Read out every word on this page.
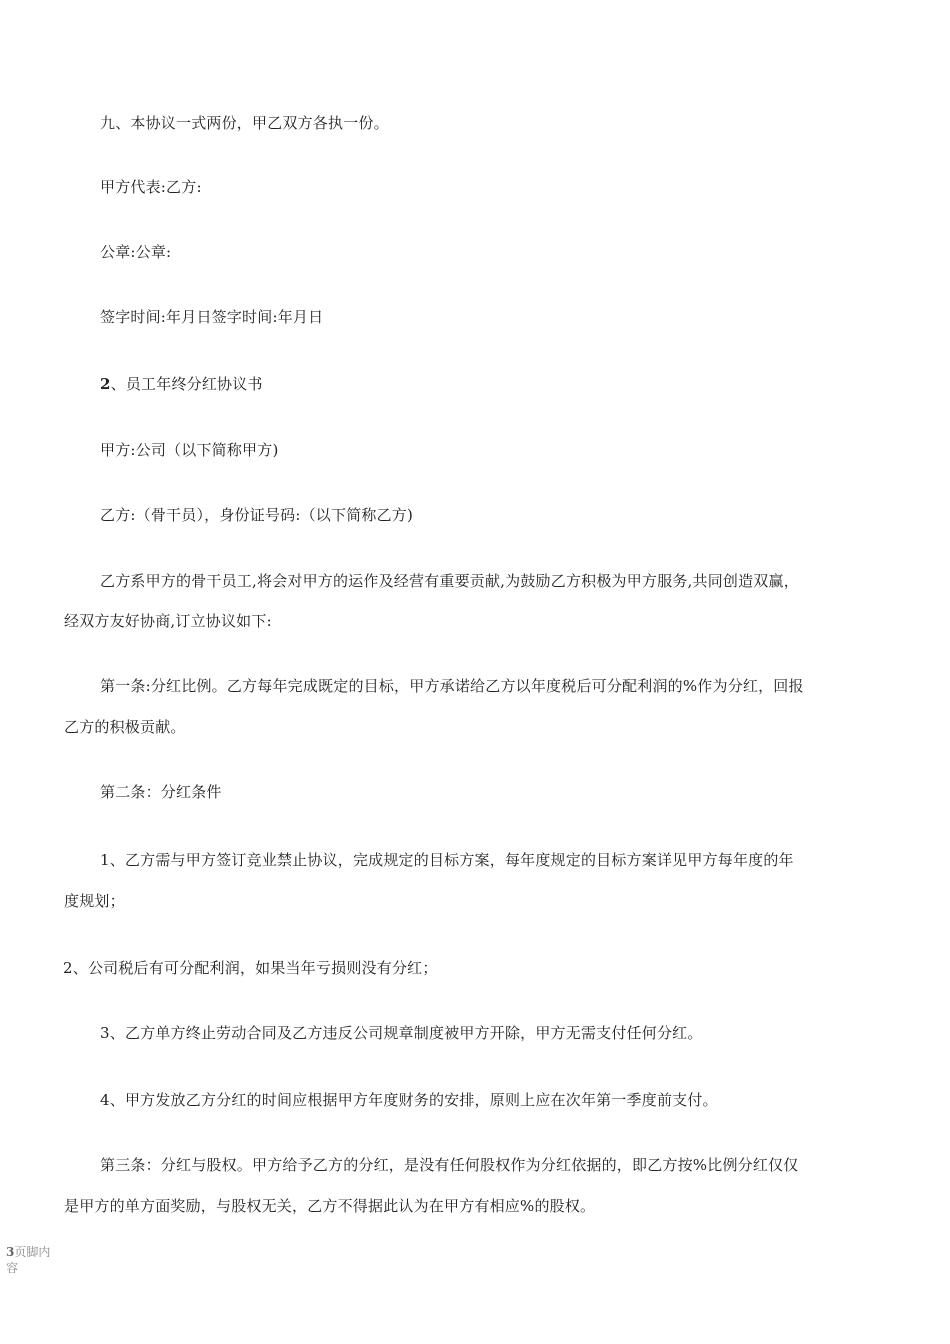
九、本协议一式两份，甲乙双方各执一份。
甲方代表:乙方:
公章:公章:
签字时间:年月日签字时间:年月日
2、员工年终分红协议书
甲方:公司（以下简称甲方)
乙方:（骨干员），身份证号码:（以下简称乙方)
乙方系甲方的骨干员工,将会对甲方的运作及经营有重要贡献,为鼓励乙方积极为甲方服务,共同创造双赢，
经双方友好协商,订立协议如下:
第一条:分红比例。乙方每年完成既定的目标，甲方承诺给乙方以年度税后可分配利润的%作为分红，回报
乙方的积极贡献。
第二条：分红条件
1、乙方需与甲方签订竞业禁止协议，完成规定的目标方案，每年度规定的目标方案详见甲方每年度的年
度规划；
2、公司税后有可分配利润，如果当年亏损则没有分红；
3、乙方单方终止劳动合同及乙方违反公司规章制度被甲方开除，甲方无需支付任何分红。
4、甲方发放乙方分红的时间应根据甲方年度财务的安排，原则上应在次年第一季度前支付。
第三条：分红与股权。甲方给予乙方的分红，是没有任何股权作为分红依据的，即乙方按%比例分红仅仅
是甲方的单方面奖励，与股权无关，乙方不得据此认为在甲方有相应%的股权。
3页脚内容
